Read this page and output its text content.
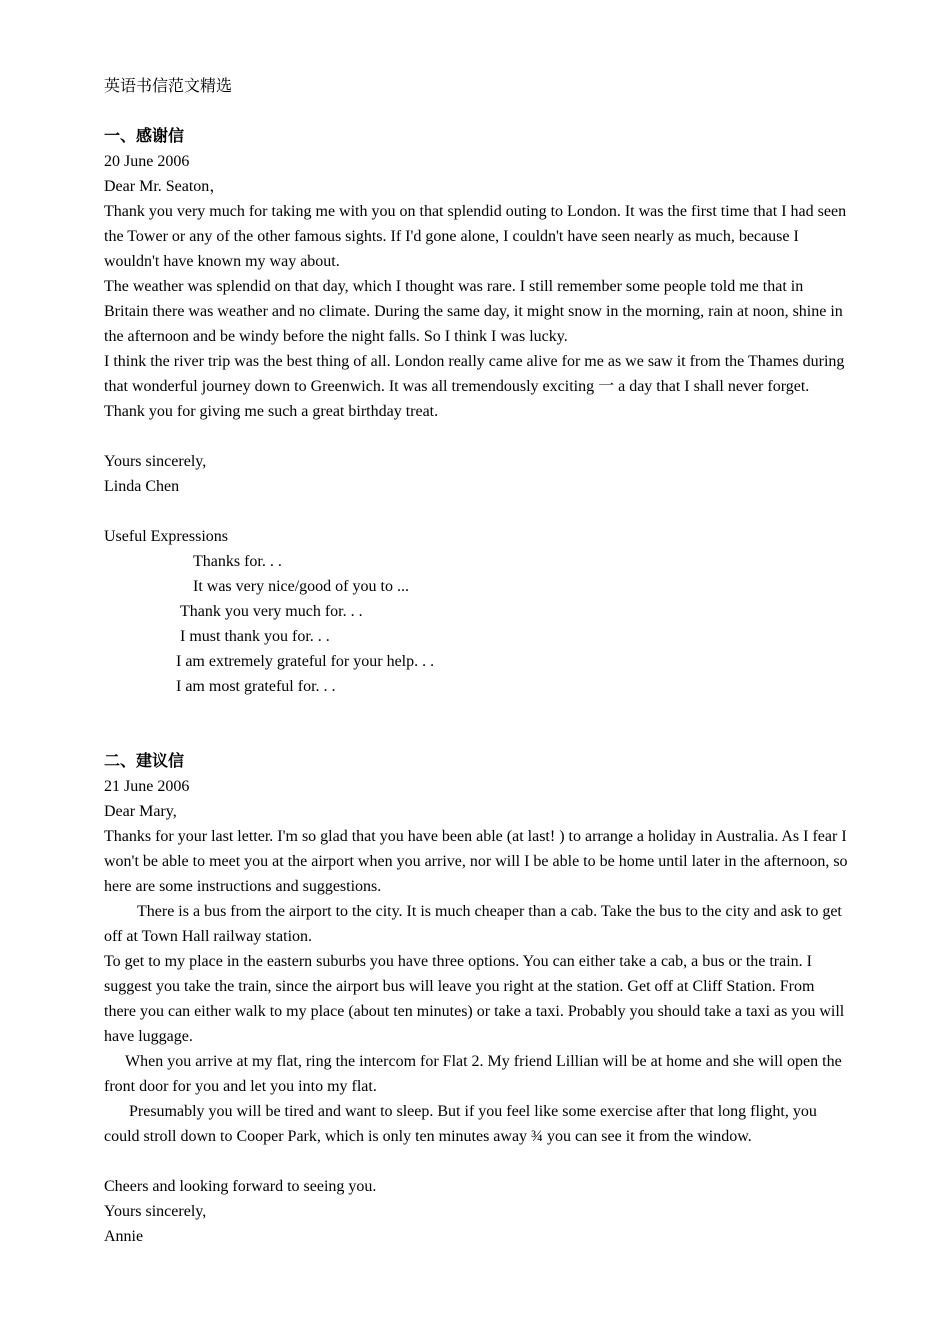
英语书信范文精选
一、感谢信
20 June 2006
Dear Mr. Seaton，
Thank you very much for taking me with you on that splendid outing to London. It was the first time that I had seen the Tower or any of the other famous sights. If I'd gone alone, I couldn't have seen nearly as much, because I wouldn't have known my way about.
The weather was splendid on that day, which I thought was rare. I still remember some people told me that in Britain there was weather and no climate. During the same day, it might snow in the morning, rain at noon, shine in the afternoon and be windy before the night falls. So I think I was lucky.
I think the river trip was the best thing of all. London really came alive for me as we saw it from the Thames during that wonderful journey down to Greenwich. It was all tremendously exciting 一 a day that I shall never forget.
Thank you for giving me such a great birthday treat.
Yours sincerely,
Linda Chen
Useful Expressions
Thanks for. . .
It was very nice/good of you to ...
Thank you very much for. . .
I must thank you for. . .
I am extremely grateful for your help. . .
I am most grateful for. . .
二、建议信
21 June 2006
Dear Mary,
Thanks for your last letter. I'm so glad that you have been able (at last! ) to arrange a holiday in Australia. As I fear I won't be able to meet you at the airport when you arrive, nor will I be able to be home until later in the afternoon, so here are some instructions and suggestions.
There is a bus from the airport to the city. It is much cheaper than a cab. Take the bus to the city and ask to get off at Town Hall railway station.
To get to my place in the eastern suburbs you have three options. You can either take a cab, a bus or the train. I suggest you take the train, since the airport bus will leave you right at the station. Get off at Cliff Station. From there you can either walk to my place (about ten minutes) or take a taxi. Probably you should take a taxi as you will have luggage.
When you arrive at my flat, ring the intercom for Flat 2. My friend Lillian will be at home and she will open the front door for you and let you into my flat.
Presumably you will be tired and want to sleep. But if you feel like some exercise after that long flight, you could stroll down to Cooper Park, which is only ten minutes away ¾ you can see it from the window.
Cheers and looking forward to seeing you.
Yours sincerely,
Annie
